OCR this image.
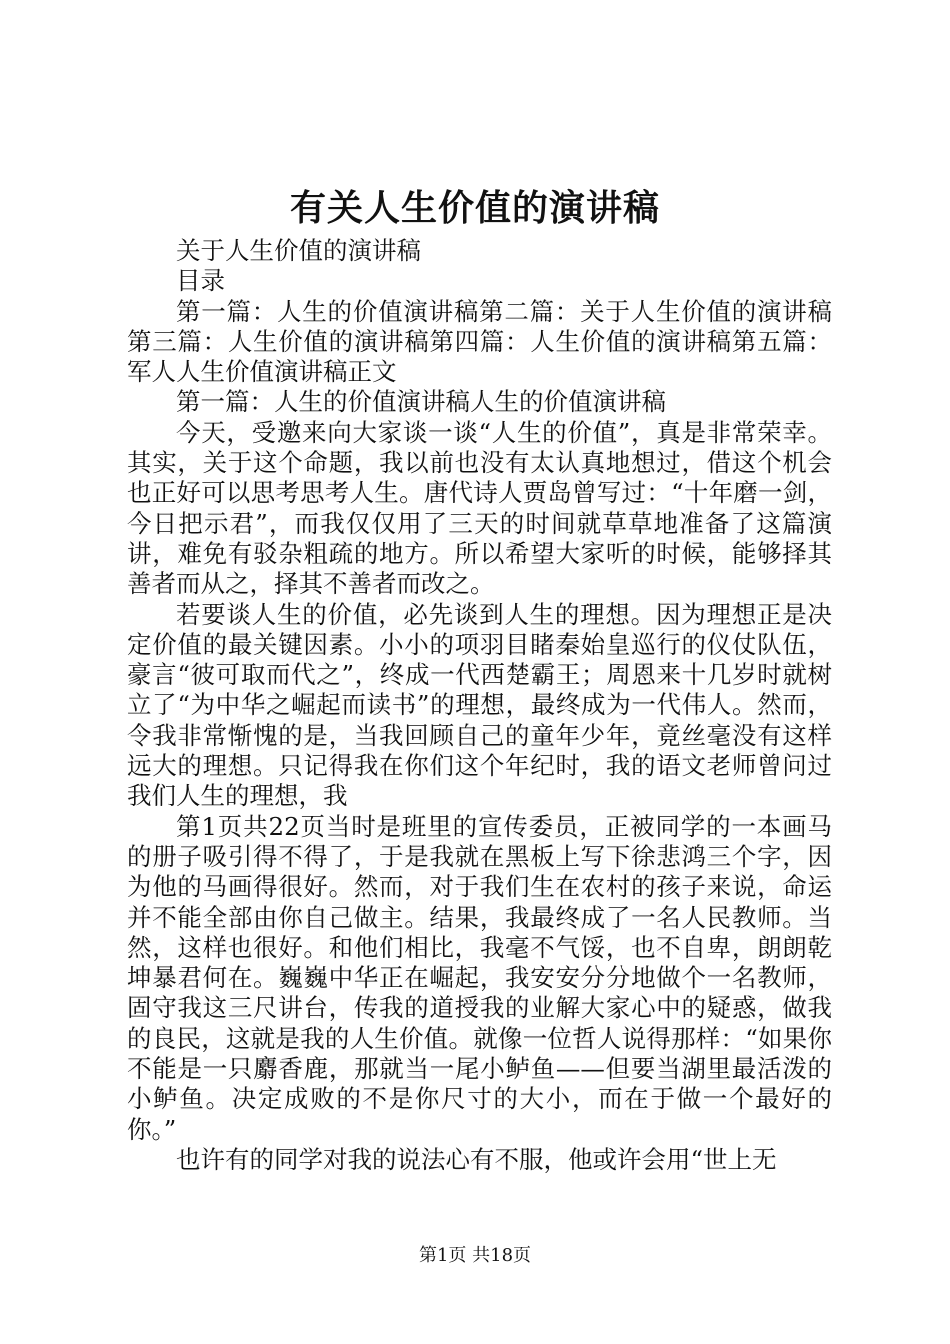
有关人生价值的演讲稿

关于人生价值的演讲稿

目录

第一篇：人生的价值演讲稿第二篇：关于人生价值的演讲稿第三篇：人生价值的演讲稿第四篇：人生价值的演讲稿第五篇：军人人生价值演讲稿正文

第一篇：人生的价值演讲稿人生的价值演讲稿

今天，受邀来向大家谈一谈“人生的价值”，真是非常荣幸。其实，关于这个命题，我以前也没有太认真地想过，借这个机会也正好可以思考思考人生。唐代诗人贾岛曾写过：“十年磨一剑，今日把示君”，而我仅仅用了三天的时间就草草地准备了这篇演讲，难免有驳杂粗疏的地方。所以希望大家听的时候，能够择其善者而从之，择其不善者而改之。

若要谈人生的价值，必先谈到人生的理想。因为理想正是决定价值的最关键因素。小小的项羽目睹秦始皇巡行的仪仗队伍，豪言“彼可取而代之”，终成一代西楚霸王；周恩来十几岁时就树立了“为中华之崛起而读书”的理想，最终成为一代伟人。然而，令我非常惭愧的是，当我回顾自己的童年少年，竟丝毫没有这样远大的理想。只记得我在你们这个年纪时，我的语文老师曾问过我们人生的理想，我

第1页共22页当时是班里的宣传委员，正被同学的一本画马的册子吸引得不得了，于是我就在黑板上写下徐悲鸿三个字，因为他的马画得很好。然而，对于我们生在农村的孩子来说，命运并不能全部由你自己做主。结果，我最终成了一名人民教师。当然，这样也很好。和他们相比，我毫不气馁，也不自卑，朗朗乾坤暴君何在。巍巍中华正在崛起，我安安分分地做个一名教师，固守我这三尺讲台，传我的道授我的业解大家心中的疑惑，做我的良民，这就是我的人生价值。就像一位哲人说得那样：“如果你不能是一只麝香鹿，那就当一尾小鲈鱼——但要当湖里最活泼的小鲈鱼。决定成败的不是你尺寸的大小，而在于做一个最好的你。”

也许有的同学对我的说法心有不服，他或许会用“世上无

第1页 共18页
